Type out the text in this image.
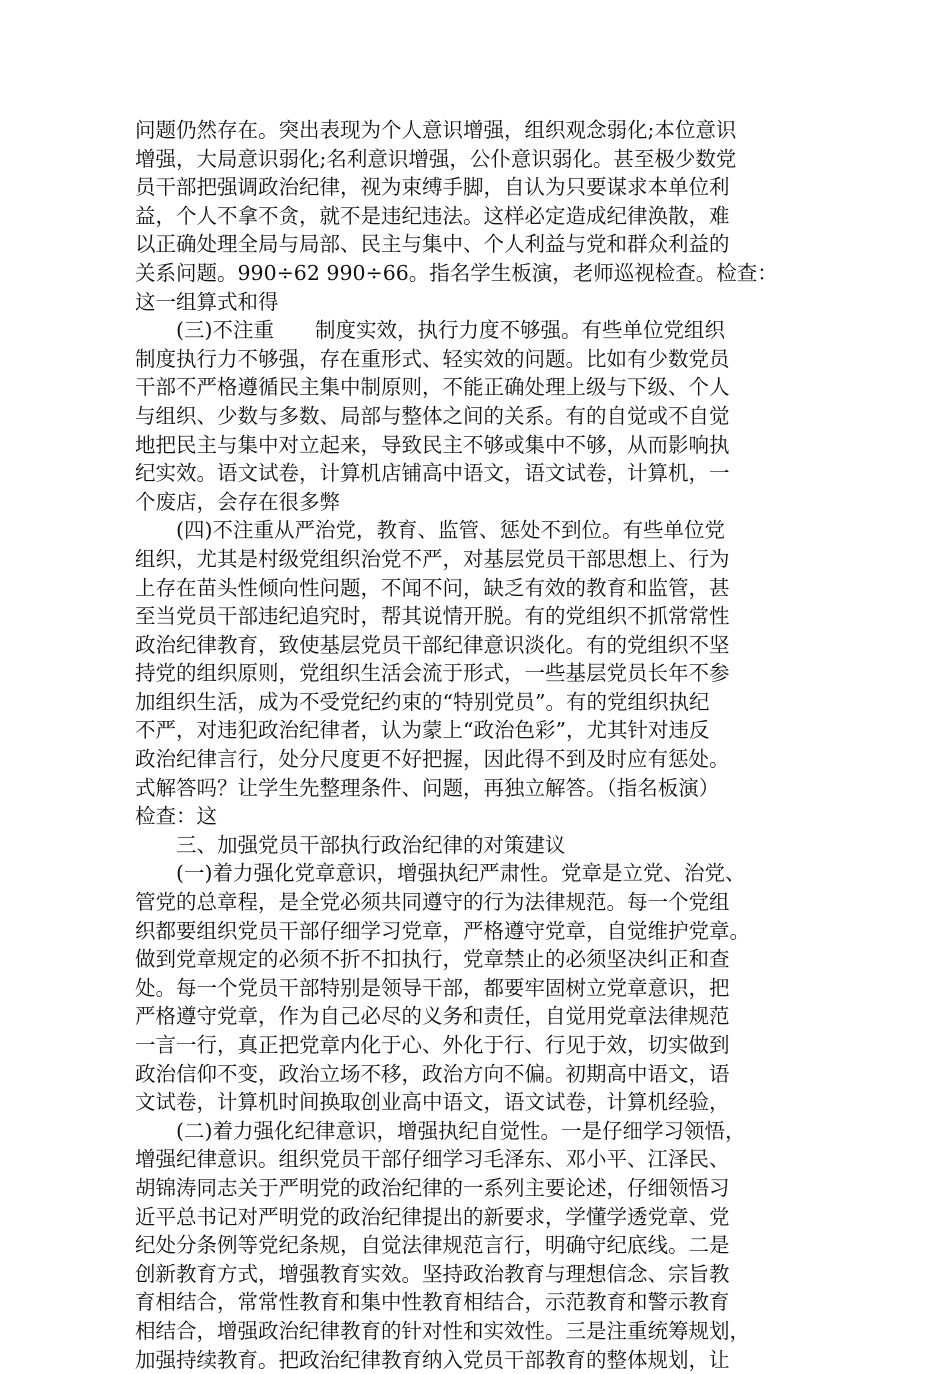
问题仍然存在。突出表现为个人意识增强，组织观念弱化;本位意识
增强，大局意识弱化;名利意识增强，公仆意识弱化。甚至极少数党
员干部把强调政治纪律，视为束缚手脚，自认为只要谋求本单位利
益，个人不拿不贪，就不是违纪违法。这样必定造成纪律涣散，难
以正确处理全局与局部、民主与集中、个人利益与党和群众利益的
关系问题。990÷62 990÷66。指名学生板演，老师巡视检查。检查：
这一组算式和得
　　(三)不注重　　制度实效，执行力度不够强。有些单位党组织
制度执行力不够强，存在重形式、轻实效的问题。比如有少数党员
干部不严格遵循民主集中制原则，不能正确处理上级与下级、个人
与组织、少数与多数、局部与整体之间的关系。有的自觉或不自觉
地把民主与集中对立起来，导致民主不够或集中不够，从而影响执
纪实效。语文试卷，计算机店铺高中语文，语文试卷，计算机，一
个废店，会存在很多弊
　　(四)不注重从严治党，教育、监管、惩处不到位。有些单位党
组织，尤其是村级党组织治党不严，对基层党员干部思想上、行为
上存在苗头性倾向性问题，不闻不问，缺乏有效的教育和监管，甚
至当党员干部违纪追究时，帮其说情开脱。有的党组织不抓常常性
政治纪律教育，致使基层党员干部纪律意识淡化。有的党组织不坚
持党的组织原则，党组织生活会流于形式，一些基层党员长年不参
加组织生活，成为不受党纪约束的“特别党员”。有的党组织执纪
不严，对违犯政治纪律者，认为蒙上“政治色彩”，尤其针对违反
政治纪律言行，处分尺度更不好把握，因此得不到及时应有惩处。
式解答吗？让学生先整理条件、问题，再独立解答。（指名板演）
检查：这
　　三、加强党员干部执行政治纪律的对策建议
　　(一)着力强化党章意识，增强执纪严肃性。党章是立党、治党、
管党的总章程，是全党必须共同遵守的行为法律规范。每一个党组
织都要组织党员干部仔细学习党章，严格遵守党章，自觉维护党章。
做到党章规定的必须不折不扣执行，党章禁止的必须坚决纠正和查
处。每一个党员干部特别是领导干部，都要牢固树立党章意识，把
严格遵守党章，作为自己必尽的义务和责任，自觉用党章法律规范
一言一行，真正把党章内化于心、外化于行、行见于效，切实做到
政治信仰不变，政治立场不移，政治方向不偏。初期高中语文，语
文试卷，计算机时间换取创业高中语文，语文试卷，计算机经验，
　　(二)着力强化纪律意识，增强执纪自觉性。一是仔细学习领悟，
增强纪律意识。组织党员干部仔细学习毛泽东、邓小平、江泽民、
胡锦涛同志关于严明党的政治纪律的一系列主要论述，仔细领悟习
近平总书记对严明党的政治纪律提出的新要求，学懂学透党章、党
纪处分条例等党纪条规，自觉法律规范言行，明确守纪底线。二是
创新教育方式，增强教育实效。坚持政治教育与理想信念、宗旨教
育相结合，常常性教育和集中性教育相结合，示范教育和警示教育
相结合，增强政治纪律教育的针对性和实效性。三是注重统筹规划，
加强持续教育。把政治纪律教育纳入党员干部教育的整体规划，让
